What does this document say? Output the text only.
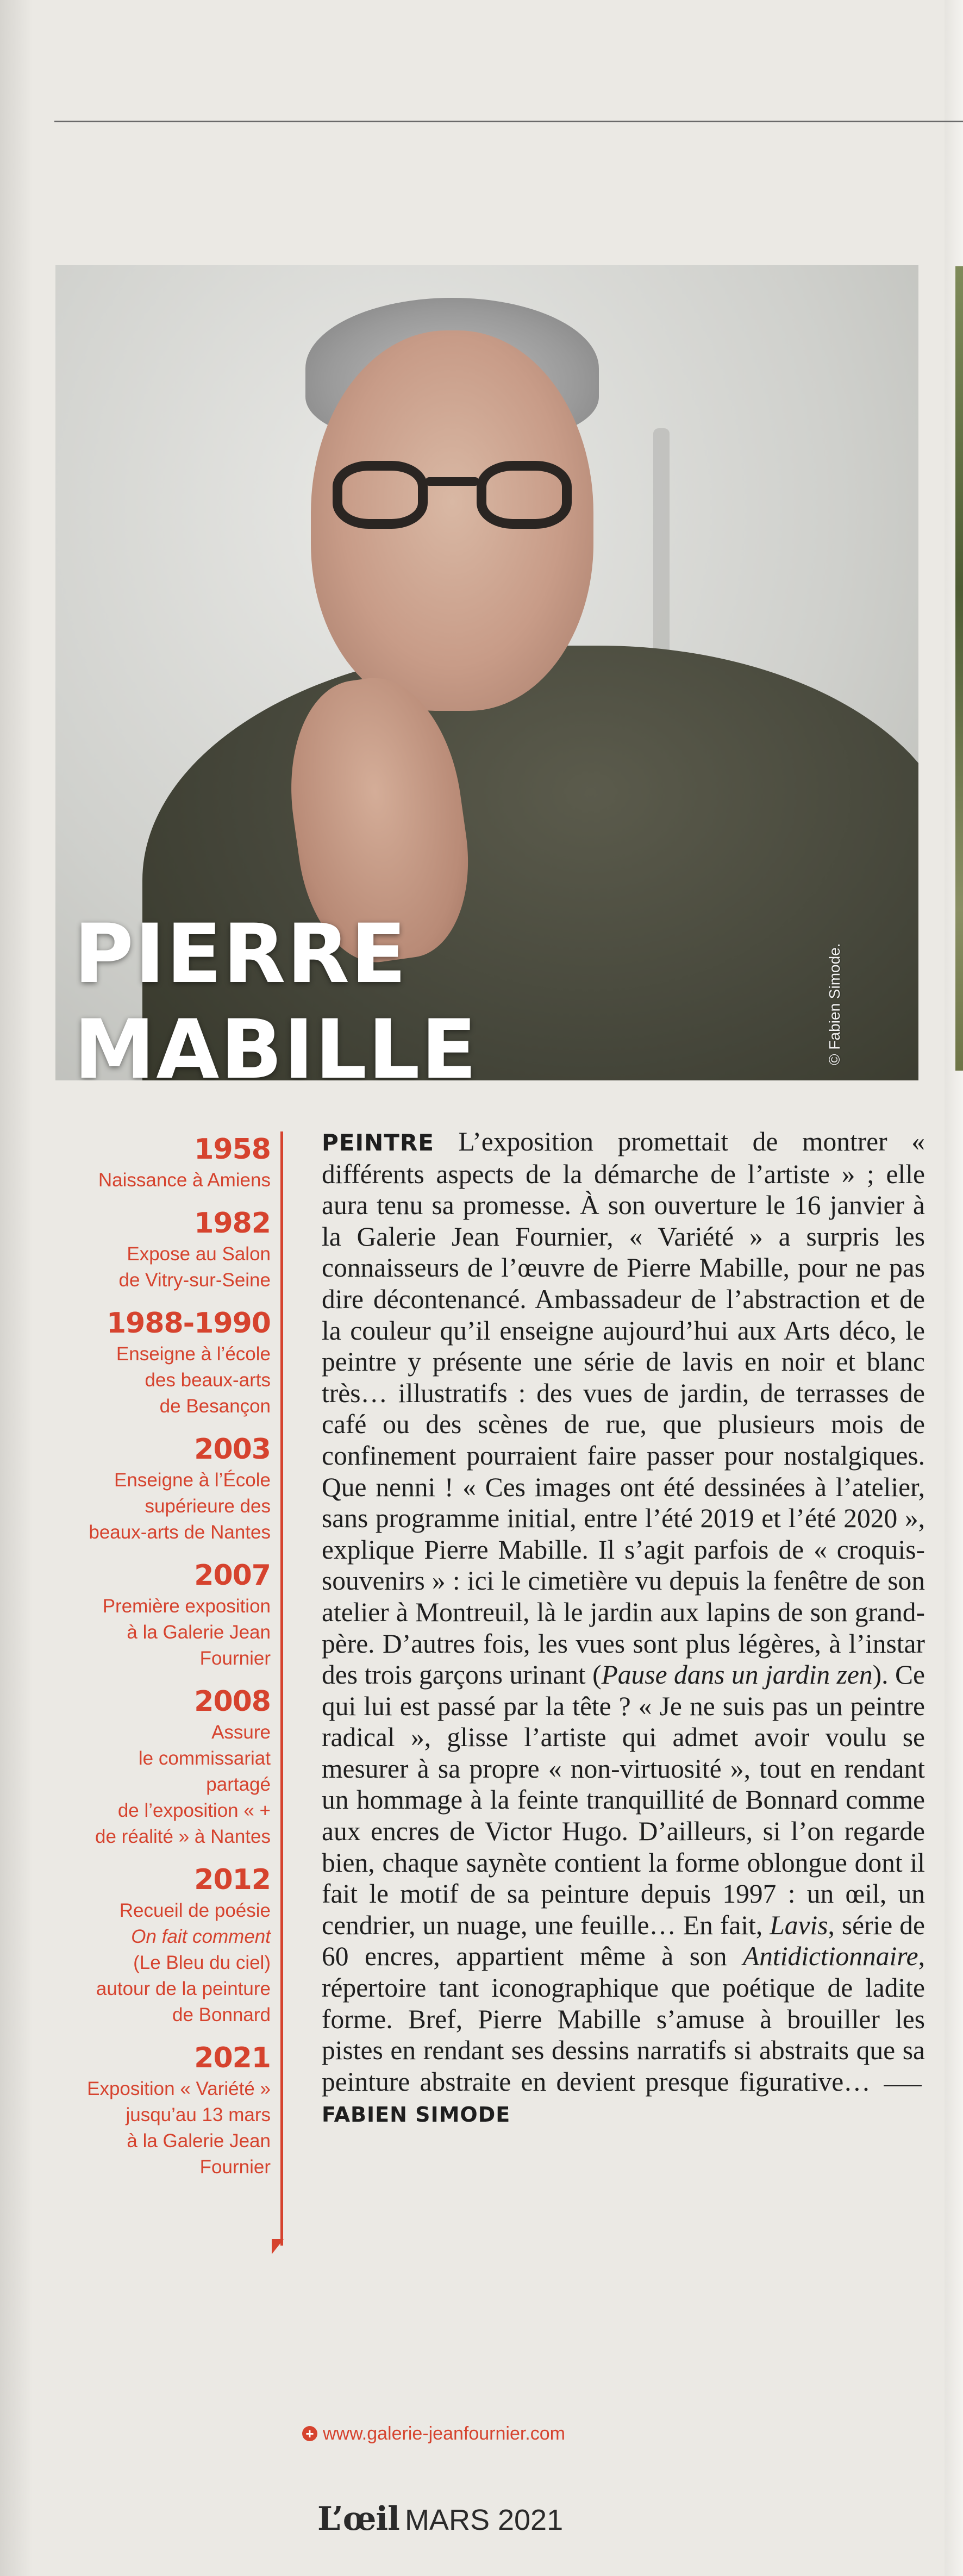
PIERRE
MABILLE	© Fabien Simode.
1958
Naissance à Amiens
1982
Expose au Salon
de Vitry-sur-Seine
1988-1990
Enseigne à l’école
des beaux-arts
de Besançon
2003
Enseigne à l’École
supérieure des
beaux-arts de Nantes
2007
Première exposition
à la Galerie Jean
Fournier
2008
Assure
le commissariat
partagé
de l’exposition « +
de réalité » à Nantes
2012
Recueil de poésie
On fait comment
(Le Bleu du ciel)
autour de la peinture
de Bonnard
2021
Exposition « Variété »
jusqu’au 13 mars
à la Galerie Jean
Fournier

PEINTRE L’exposition promettait de montrer « différents aspects de la démarche de l’artiste » ; elle aura tenu sa promesse. À son ouverture le 16 janvier à la Galerie Jean Fournier, « Variété » a surpris les connaisseurs de l’œuvre de Pierre Mabille, pour ne pas dire décontenancé. Ambassadeur de l’abstraction et de la couleur qu’il enseigne aujourd’hui aux Arts déco, le peintre y présente une série de lavis en noir et blanc très… illustratifs : des vues de jardin, de terrasses de café ou des scènes de rue, que plusieurs mois de confinement pourraient faire passer pour nostalgiques. Que nenni ! « Ces images ont été dessinées à l’atelier, sans programme initial, entre l’été 2019 et l’été 2020 », explique Pierre Mabille. Il s’agit parfois de « croquis-souvenirs » : ici le cimetière vu depuis la fenêtre de son atelier à Montreuil, là le jardin aux lapins de son grand-père. D’autres fois, les vues sont plus légères, à l’instar des trois garçons urinant (Pause dans un jardin zen). Ce qui lui est passé par la tête ? « Je ne suis pas un peintre radical », glisse l’artiste qui admet avoir voulu se mesurer à sa propre « non-virtuosité », tout en rendant un hommage à la feinte tranquillité de Bonnard comme aux encres de Victor Hugo. D’ailleurs, si l’on regarde bien, chaque saynète contient la forme oblongue dont il fait le motif de sa peinture depuis 1997 : un œil, un cendrier, un nuage, une feuille… En fait, Lavis, série de 60 encres, appartient même à son Antidictionnaire, répertoire tant iconographique que poétique de ladite forme. Bref, Pierre Mabille s’amuse à brouiller les pistes en rendant ses dessins narratifs si abstraits que sa peinture abstraite en devient presque figurative… FABIEN SIMODE

+ www.galerie-jeanfournier.com
L’œil MARS 2021
